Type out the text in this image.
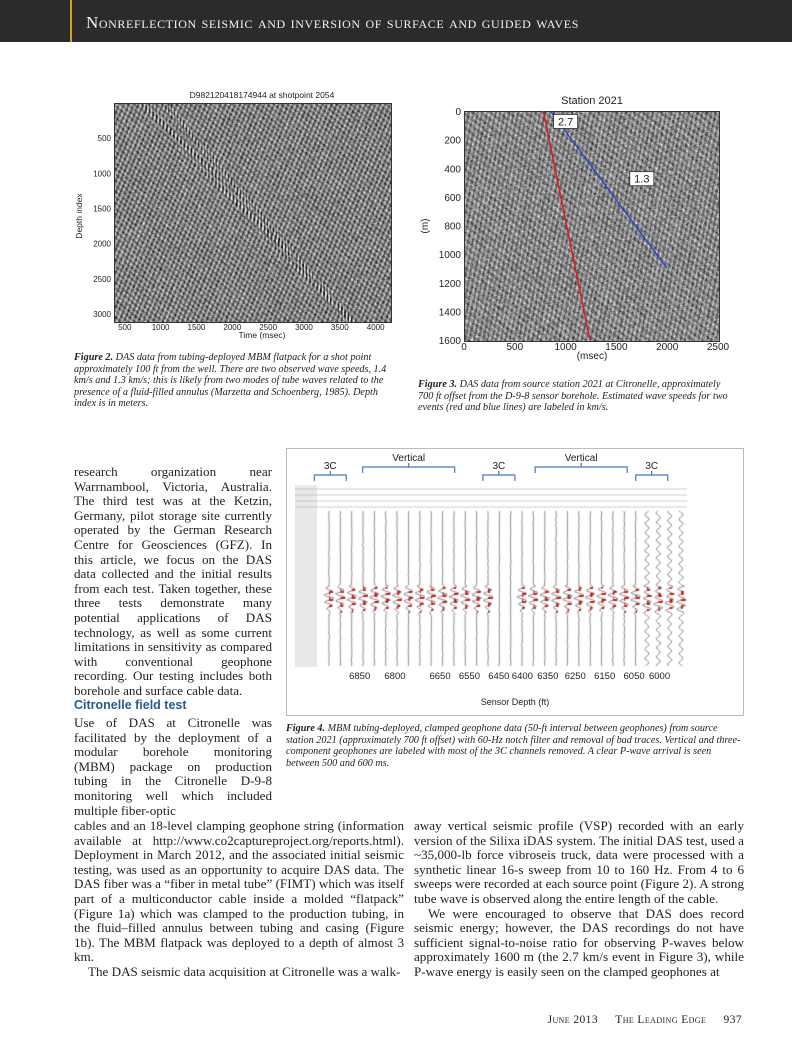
Nonreflection seismic and inversion of surface and guided waves
D982120418174944 at shotpoint 2054
500
1000
1500
2000
2500
3000
500	1000 1500 2000 2500 3000 3500 4000
Time (msec)
Depth index
Figure 2. DAS data from tubing-deployed MBM flatpack for a shot point approximately 100 ft from the well. There are two observed wave speeds, 1.4 km/s and 1.3 km/s; this is likely from two modes of tube waves related to the presence of a fluid-filled annulus (Marzetta and Schoenberg, 1985). Depth index is in meters.
Station 2021
0
200
400
600
800
1000
1200
1400
1600
0	500	1000	1500	2000	2500
(msec)
(m)
2.7
1.3
Figure 3. DAS data from source station 2021 at Citronelle, approximately 700 ft offset from the D-9-8 sensor borehole. Estimated wave speeds for two events (red and blue lines) are labeled in km/s.
3C
Vertical
3C
Vertical
3C
6850 6800	6650 6550 6450 6400 6350 6250 6150 6050 6000
Sensor Depth (ft)
Figure 4. MBM tubing-deployed, clamped geophone data (50-ft interval between geophones) from source station 2021 (approximately 700 ft offset) with 60-Hz notch filter and removal of bad traces. Vertical and three-component geophones are labeled with most of the 3C channels removed. A clear P-wave arrival is seen between 500 and 600 ms.

research organization near Warrnambool, Victoria, Australia. The third test was at the Ketzin, Germany, pilot storage site currently operated by the German Research Centre for Geosciences (GFZ). In this article, we focus on the DAS data collected and the initial results from each test. Taken together, these three tests demonstrate many potential applications of DAS technology, as well as some current limitations in sensitivity as compared with conventional geophone recording. Our testing includes both borehole and surface cable data.

Citronelle field test

Use of DAS at Citronelle was facilitated by the deployment of a modular borehole monitoring (MBM) package on production tubing in the Citronelle D-9-8 monitoring well which included multiple fiber-optic

cables and an 18-level clamping geophone string (information available at http://www.co2captureproject.org/reports.html). Deployment in March 2012, and the associated initial seismic testing, was used as an opportunity to acquire DAS data. The DAS fiber was a “fiber in metal tube” (FIMT) which was itself part of a multiconductor cable inside a molded “flatpack” (Figure 1a) which was clamped to the production tubing, in the fluid–filled annulus between tubing and casing (Figure 1b). The MBM flatpack was deployed to a depth of almost 3 km.

The DAS seismic data acquisition at Citronelle was a walk-

away vertical seismic profile (VSP) recorded with an early version of the Silixa iDAS system. The initial DAS test, used a ~35,000-lb force vibroseis truck, data were processed with a synthetic linear 16-s sweep from 10 to 160 Hz. From 4 to 6 sweeps were recorded at each source point (Figure 2). A strong tube wave is observed along the entire length of the cable.

We were encouraged to observe that DAS does record seismic energy; however, the DAS recordings do not have sufficient signal-to-noise ratio for observing P-waves below approximately 1600 m (the 2.7 km/s event in Figure 3), while P-wave energy is easily seen on the clamped geophones at

June 2013 The Leading Edge 937
